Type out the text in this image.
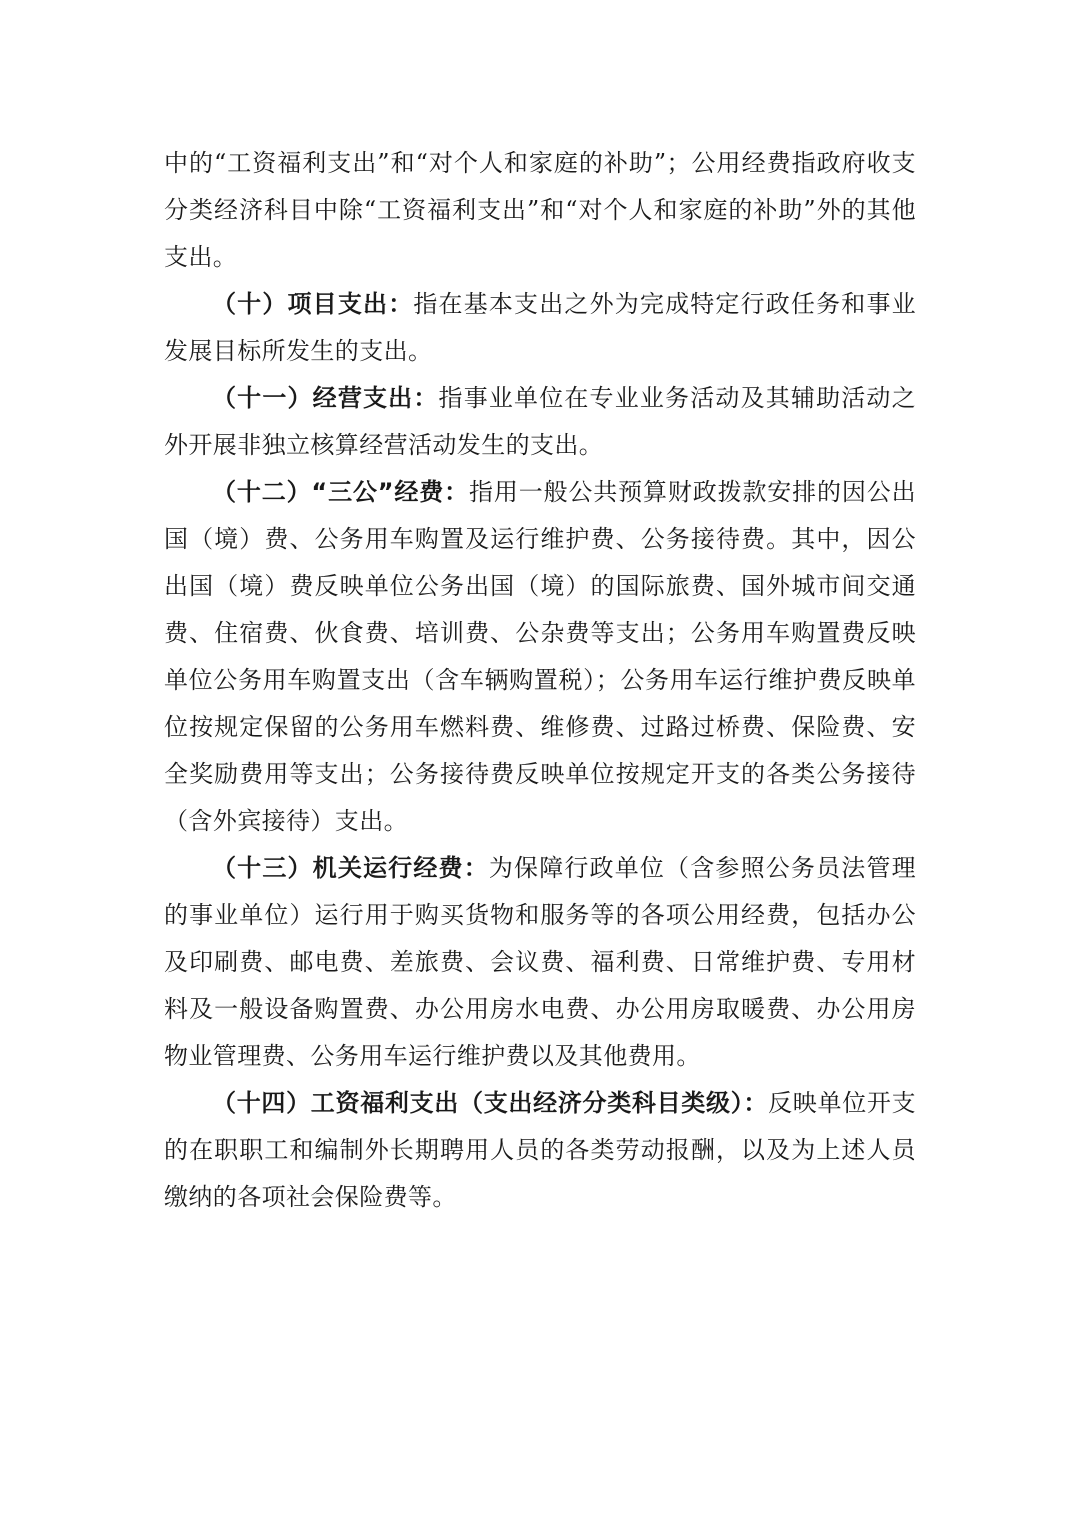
中的“工资福利支出”和“对个人和家庭的补助”；公用经费指政府收支分类经济科目中除“工资福利支出”和“对个人和家庭的补助”外的其他支出。

（十）项目支出：指在基本支出之外为完成特定行政任务和事业发展目标所发生的支出。

（十一）经营支出：指事业单位在专业业务活动及其辅助活动之外开展非独立核算经营活动发生的支出。

（十二）“三公”经费：指用一般公共预算财政拨款安排的因公出国（境）费、公务用车购置及运行维护费、公务接待费。其中，因公出国（境）费反映单位公务出国（境）的国际旅费、国外城市间交通费、住宿费、伙食费、培训费、公杂费等支出；公务用车购置费反映单位公务用车购置支出（含车辆购置税）；公务用车运行维护费反映单位按规定保留的公务用车燃料费、维修费、过路过桥费、保险费、安全奖励费用等支出；公务接待费反映单位按规定开支的各类公务接待（含外宾接待）支出。

（十三）机关运行经费：为保障行政单位（含参照公务员法管理的事业单位）运行用于购买货物和服务等的各项公用经费，包括办公及印刷费、邮电费、差旅费、会议费、福利费、日常维护费、专用材料及一般设备购置费、办公用房水电费、办公用房取暖费、办公用房物业管理费、公务用车运行维护费以及其他费用。

（十四）工资福利支出（支出经济分类科目类级）：反映单位开支的在职职工和编制外长期聘用人员的各类劳动报酬，以及为上述人员缴纳的各项社会保险费等。
